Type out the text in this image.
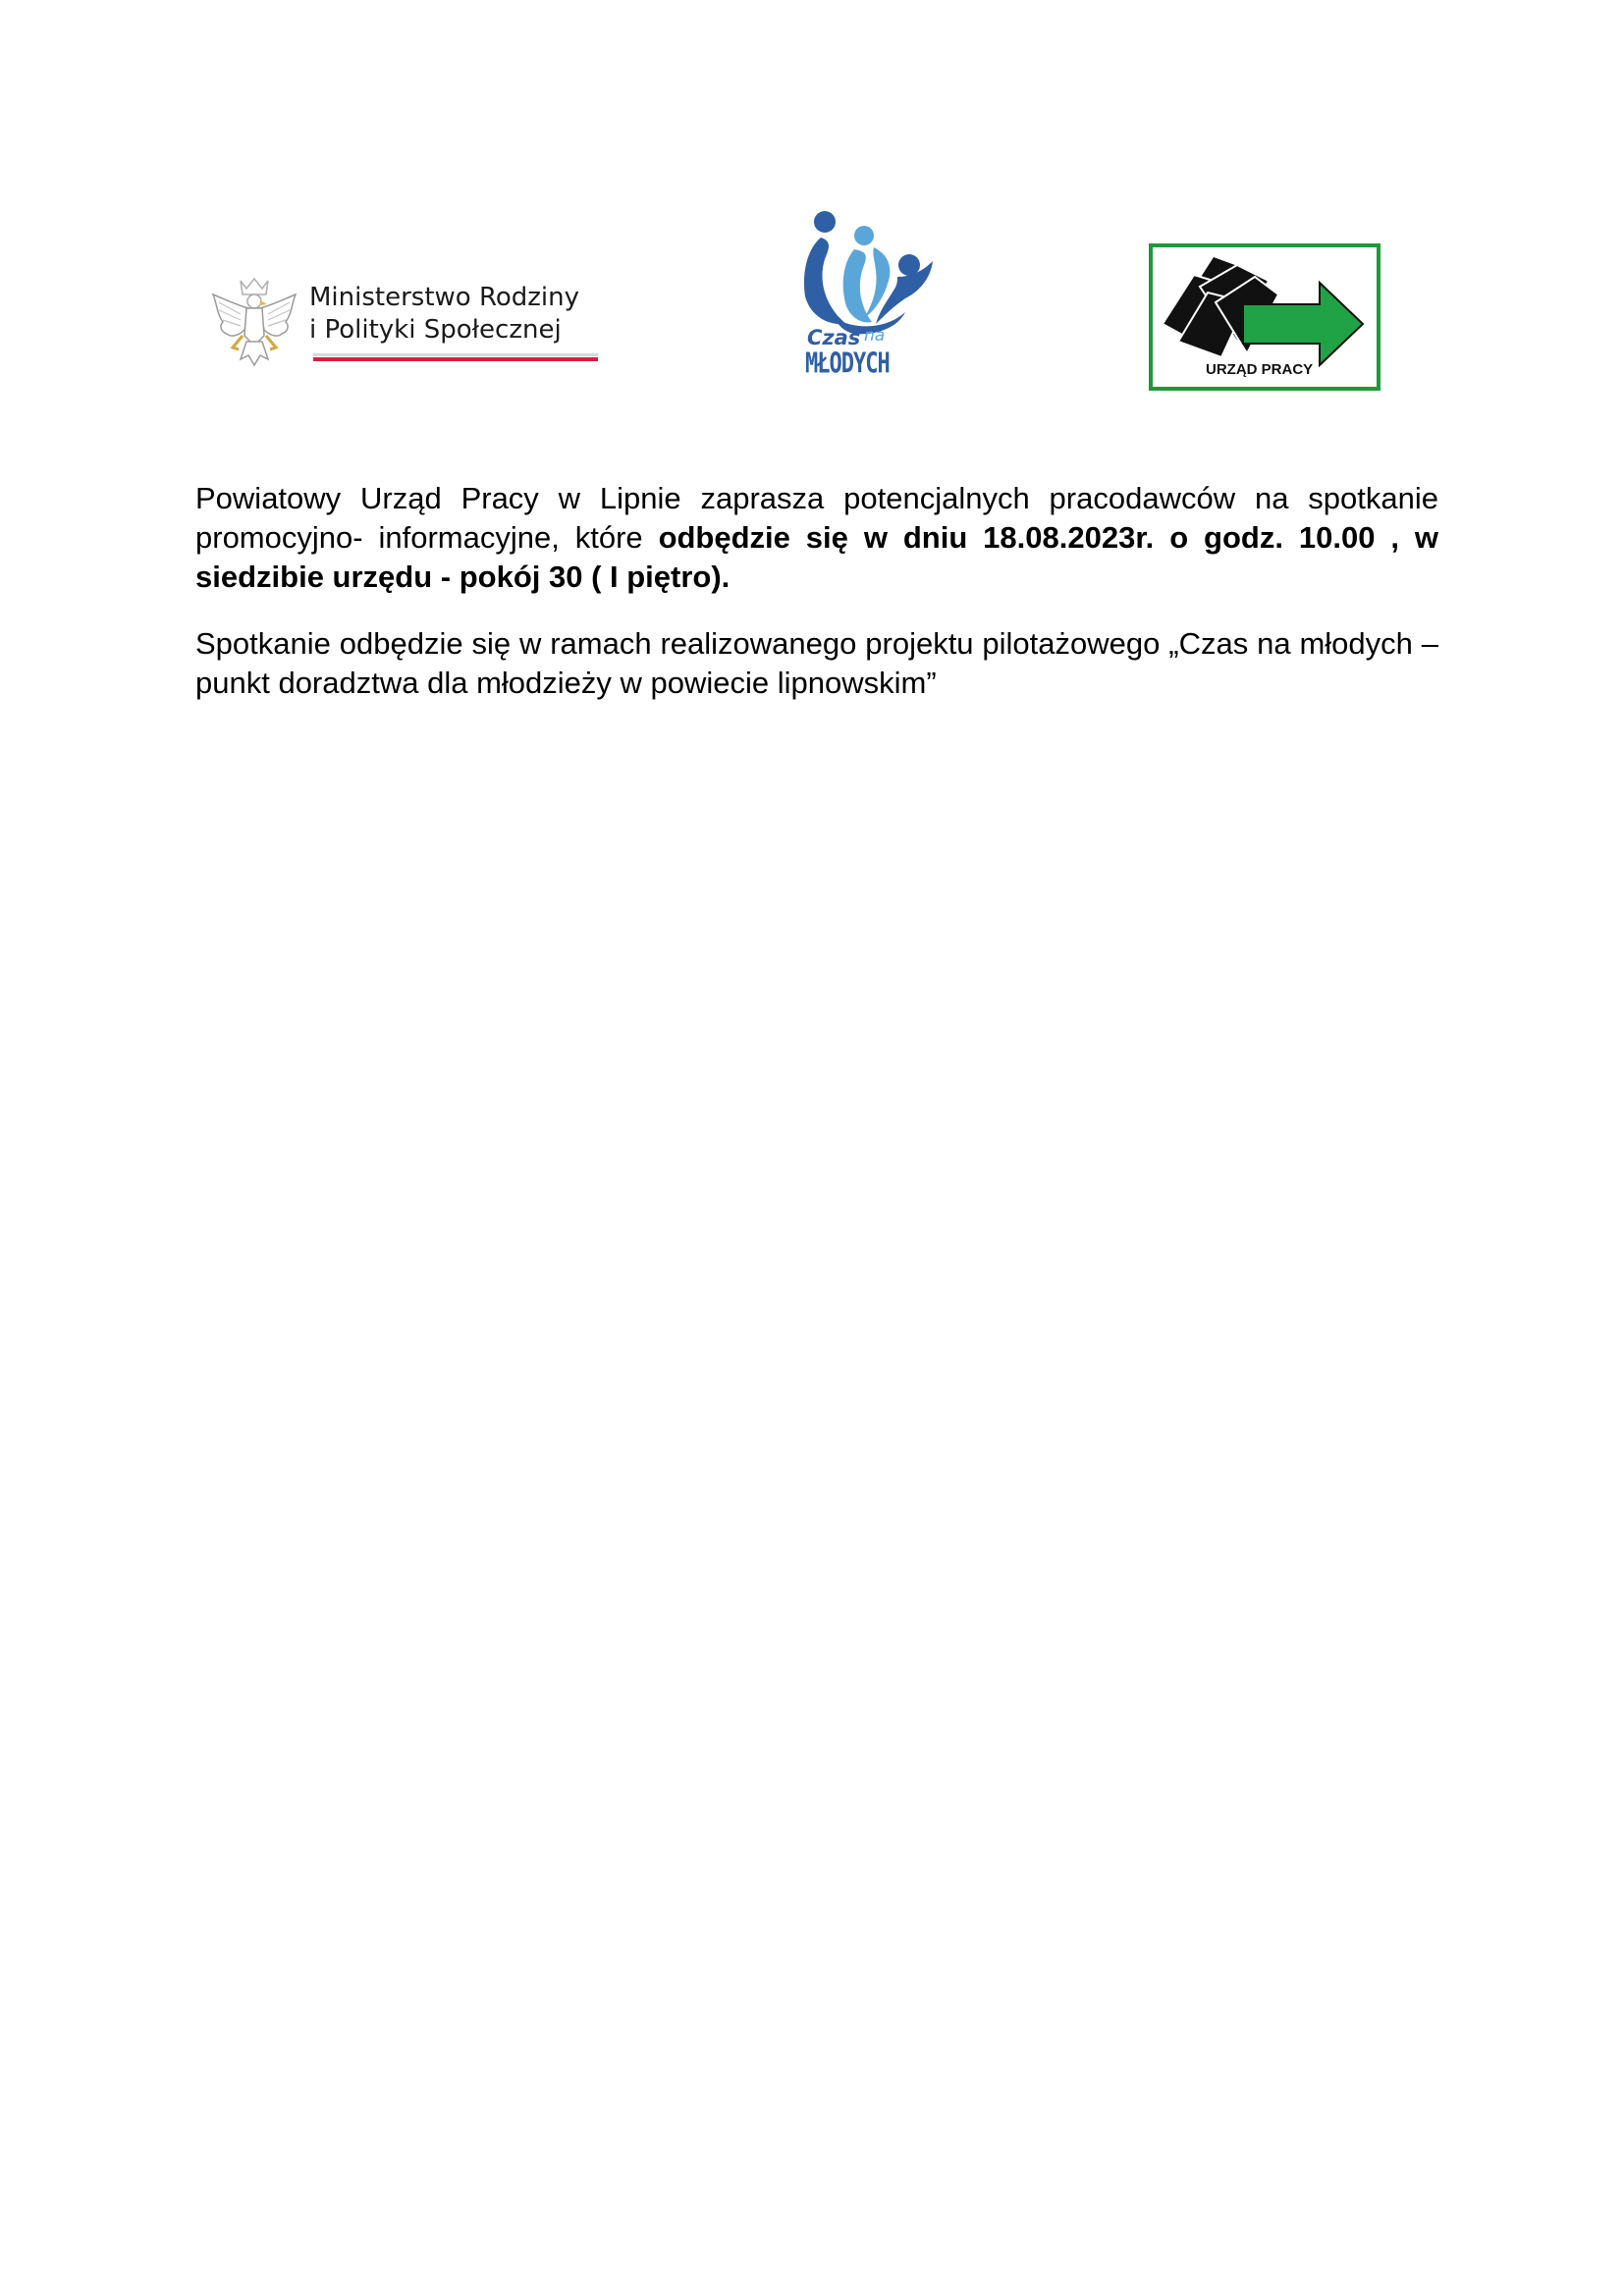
Ministerstwo Rodziny
i Polityki Społecznej	Czas na
MŁODYCH	URZĄD PRACY

Powiatowy Urząd Pracy w Lipnie zaprasza potencjalnych pracodawców na spotkanie promocyjno- informacyjne, które odbędzie się w dniu 18.08.2023r. o godz. 10.00 , w siedzibie urzędu - pokój 30 ( I piętro).

Spotkanie odbędzie się w ramach realizowanego projektu pilotażowego „Czas na młodych – punkt doradztwa dla młodzieży w powiecie lipnowskim”
